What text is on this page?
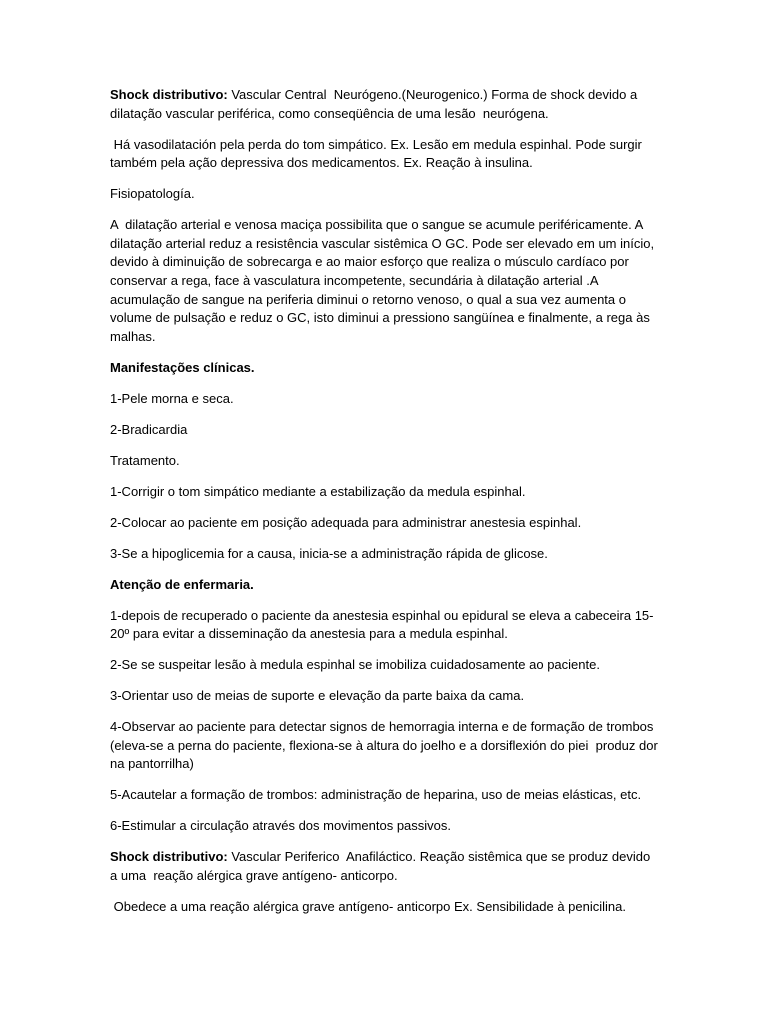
Shock distributivo: Vascular Central  Neurógeno.(Neurogenico.) Forma de shock devido a dilatação vascular periférica, como conseqüência de uma lesão  neurógena.

Há vasodilatación pela perda do tom simpático. Ex. Lesão em medula espinhal. Pode surgir também pela ação depressiva dos medicamentos. Ex. Reação à insulina.

Fisiopatología.

A  dilatação arterial e venosa maciça possibilita que o sangue se acumule periféricamente. A dilatação arterial reduz a resistência vascular sistêmica O GC. Pode ser elevado em um início, devido à diminuição de sobrecarga e ao maior esforço que realiza o músculo cardíaco por conservar a rega, face à vasculatura incompetente, secundária à dilatação arterial .A acumulação de sangue na periferia diminui o retorno venoso, o qual a sua vez aumenta o volume de pulsação e reduz o GC, isto diminui a pressiono sangüínea e finalmente, a rega às malhas.

Manifestações clínicas.

1-Pele morna e seca.

2-Bradicardia

Tratamento.

1-Corrigir o tom simpático mediante a estabilização da medula espinhal.

2-Colocar ao paciente em posição adequada para administrar anestesia espinhal.

3-Se a hipoglicemia for a causa, inicia-se a administração rápida de glicose.

Atenção de enfermaria.

1-depois de recuperado o paciente da anestesia espinhal ou epidural se eleva a cabeceira 15-20º para evitar a disseminação da anestesia para a medula espinhal.

2-Se se suspeitar lesão à medula espinhal se imobiliza cuidadosamente ao paciente.

3-Orientar uso de meias de suporte e elevação da parte baixa da cama.

4-Observar ao paciente para detectar signos de hemorragia interna e de formação de trombos (eleva-se a perna do paciente, flexiona-se à altura do joelho e a dorsiflexión do piei  produz dor na pantorrilha)

5-Acautelar a formação de trombos: administração de heparina, uso de meias elásticas, etc.

6-Estimular a circulação através dos movimentos passivos.

Shock distributivo: Vascular Periferico  Anafiláctico. Reação sistêmica que se produz devido a uma  reação alérgica grave antígeno- anticorpo.

Obedece a uma reação alérgica grave antígeno- anticorpo Ex. Sensibilidade à penicilina.
